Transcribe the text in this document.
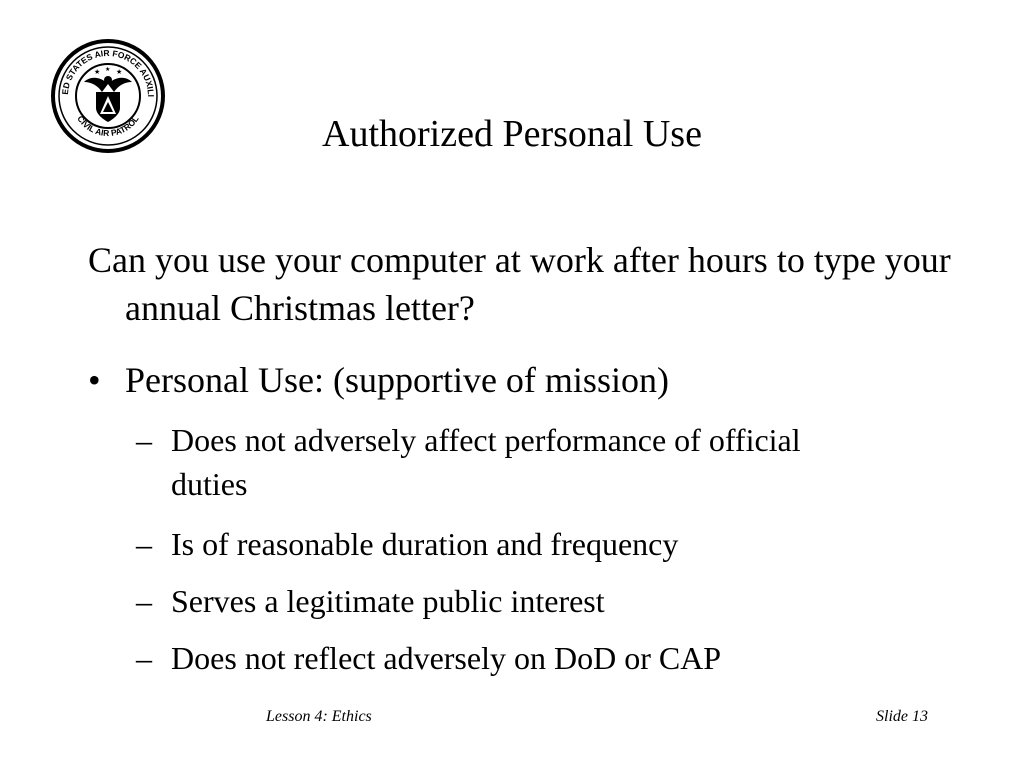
ED STATES AIR FORCE AUXILI
CIVIL AIR PATROL
★ ★
★
Authorized Personal Use
Can you use your computer at work after hours to type your annual Christmas letter?
• Personal Use: (supportive of mission)
– Does not adversely affect performance of official duties
– Is of reasonable duration and frequency
– Serves a legitimate public interest
– Does not reflect adversely on DoD or CAP
Lesson 4: Ethics	Slide 13
